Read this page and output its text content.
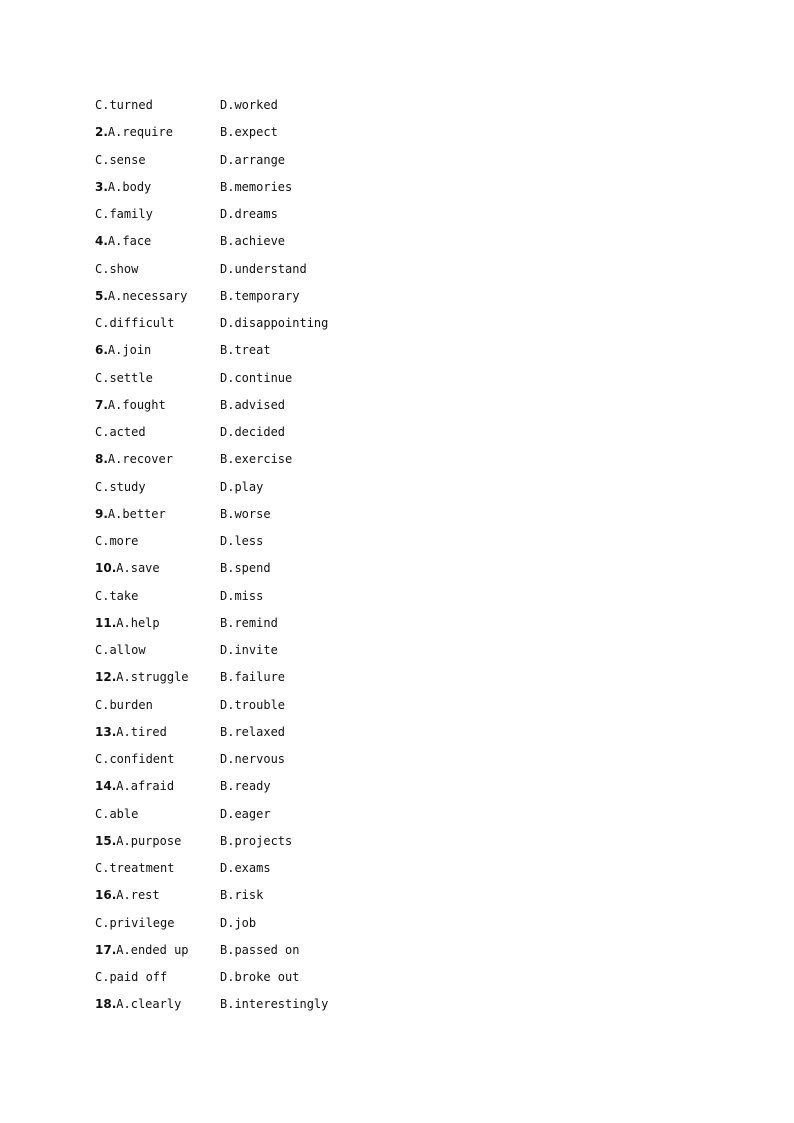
C.turned	D.worked
2.A.require	B.expect
C.sense	D.arrange
3.A.body	B.memories
C.family	D.dreams
4.A.face	B.achieve
C.show	D.understand
5.A.necessary	B.temporary
C.difficult	D.disappointing
6.A.join	B.treat
C.settle	D.continue
7.A.fought	B.advised
C.acted	D.decided
8.A.recover	B.exercise
C.study	D.play
9.A.better	B.worse
C.more	D.less
10.A.save	B.spend
C.take	D.miss
11.A.help	B.remind
C.allow	D.invite
12.A.struggle	B.failure
C.burden	D.trouble
13.A.tired	B.relaxed
C.confident	D.nervous
14.A.afraid	B.ready
C.able	D.eager
15.A.purpose	B.projects
C.treatment	D.exams
16.A.rest	B.risk
C.privilege	D.job
17.A.ended up	B.passed on
C.paid off	D.broke out
18.A.clearly	B.interestingly
